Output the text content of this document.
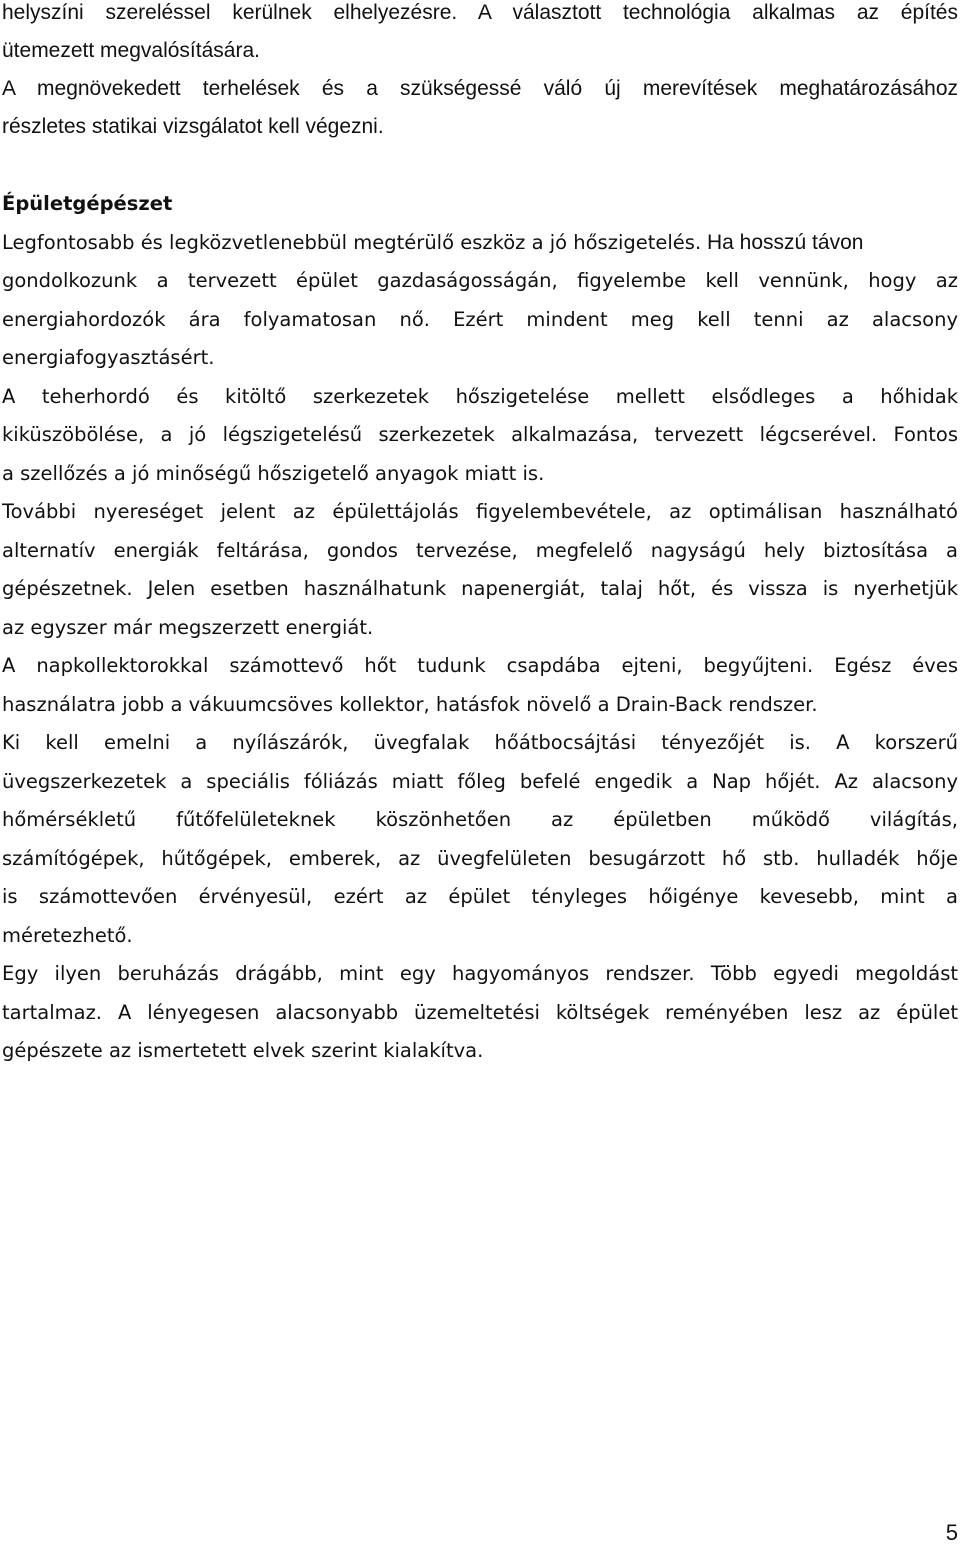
helyszíni szereléssel kerülnek elhelyezésre. A választott technológia alkalmas az építés
ütemezett megvalósítására.
A megnövekedett terhelések és a szükségessé váló új merevítések meghatározásához
részletes statikai vizsgálatot kell végezni.
Épületgépészet
Legfontosabb és legközvetlenebbül megtérülő eszköz a jó hőszigetelés. Ha hosszú távon
gondolkozunk a tervezett épület gazdaságosságán, figyelembe kell vennünk, hogy az
energiahordozók ára folyamatosan nő. Ezért mindent meg kell tenni az alacsony
energiafogyasztásért.
A teherhordó és kitöltő szerkezetek hőszigetelése mellett elsődleges a hőhidak
kiküszöbölése, a jó légszigetelésű szerkezetek alkalmazása, tervezett légcserével. Fontos
a szellőzés a jó minőségű hőszigetelő anyagok miatt is.
További nyereséget jelent az épülettájolás figyelembevétele, az optimálisan használható
alternatív energiák feltárása, gondos tervezése, megfelelő nagyságú hely biztosítása a
gépészetnek. Jelen esetben használhatunk napenergiát, talaj hőt, és vissza is nyerhetjük
az egyszer már megszerzett energiát.
A napkollektorokkal számottevő hőt tudunk csapdába ejteni, begyűjteni. Egész éves
használatra jobb a vákuumcsöves kollektor, hatásfok növelő a Drain-Back rendszer.
Ki kell emelni a nyílászárók, üvegfalak hőátbocsájtási tényezőjét is. A korszerű
üvegszerkezetek a speciális fóliázás miatt főleg befelé engedik a Nap hőjét. Az alacsony
hőmérsékletű fűtőfelületeknek köszönhetően az épületben működő világítás,
számítógépek, hűtőgépek, emberek, az üvegfelületen besugárzott hő stb. hulladék hője
is számottevően érvényesül, ezért az épület tényleges hőigénye kevesebb, mint a
méretezhető.
Egy ilyen beruházás drágább, mint egy hagyományos rendszer. Több egyedi megoldást
tartalmaz. A lényegesen alacsonyabb üzemeltetési költségek reményében lesz az épület
gépészete az ismertetett elvek szerint kialakítva.
5
